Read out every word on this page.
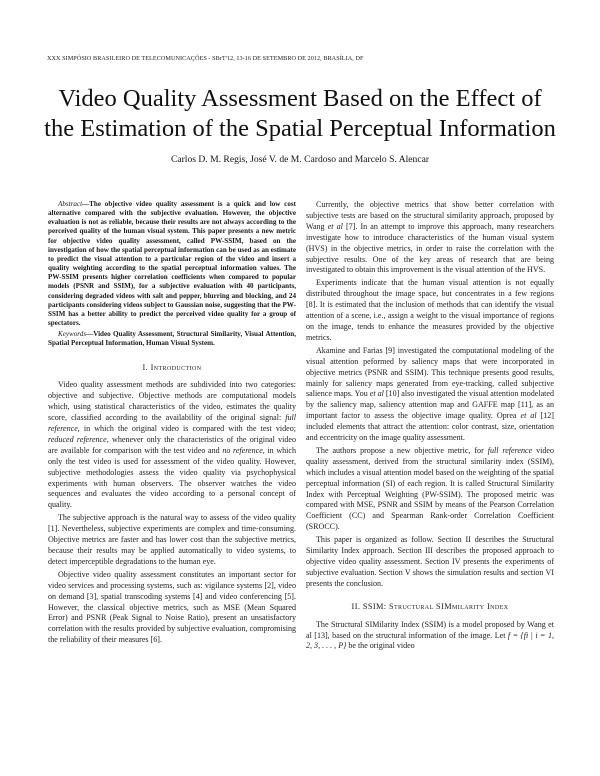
XXX SIMPÓSIO BRASILEIRO DE TELECOMUNICAÇÕES - SBrT'12, 13-16 DE SETEMBRO DE 2012, BRASÍLIA, DF
Video Quality Assessment Based on the Effect of
the Estimation of the Spatial Perceptual Information
Carlos D. M. Regis, José V. de M. Cardoso and Marcelo S. Alencar

Abstract—The objective video quality assessment is a quick and low cost alternative compared with the subjective evaluation. However, the objective evaluation is not as reliable, because their results are not always according to the perceived quality of the human visual system. This paper presents a new metric for objective video quality assessment, called PW-SSIM, based on the investigation of how the spatial perceptual information can be used as an estimate to predict the visual attention to a particular region of the video and insert a quality weighting according to the spatial perceptual information values. The PW-SSIM presents higher correlation coefficients when compared to popular models (PSNR and SSIM), for a subjective evaluation with 40 participants, considering degraded videos with salt and pepper, blurring and blocking, and 24 participants considering videos subject to Gaussian noise, suggesting that the PW-SSIM has a better ability to predict the perceived video quality for a group of spectators.

Keywords—Video Quality Assessment, Structural Similarity, Visual Attention, Spatial Perceptual Information, Human Visual System.

I. Introduction

Video quality assessment methods are subdivided into two categories: objective and subjective. Objective methods are computational models which, using statistical characteristics of the video, estimates the quality score, classified according to the availability of the original signal: full reference, in which the original video is compared with the test video; reduced reference, whenever only the characteristics of the original video are available for comparison with the test video and no reference, in which only the test video is used for assessment of the video quality. However, subjective methodologies assess the video quality via psychophysical experiments with human observers. The observer watches the video sequences and evaluates the video according to a personal concept of quality.

The subjective approach is the natural way to assess of the video quality [1]. Nevertheless, subjective experiments are complex and time-consuming. Objective metrics are faster and has lower cost than the subjective metrics, because their results may be applied automatically to video systems, to detect imperceptible degradations to the human eye.

Objective video quality assessment constitutes an important sector for video services and processing systems, such as: vigilance systems [2], video on demand [3], spatial transcoding systems [4] and video conferencing [5]. However, the classical objective metrics, such as MSE (Mean Squared Error) and PSNR (Peak Signal to Noise Ratio), present an unsatisfactory correlation with the results provided by subjective evaluation, compromising the reliability of their measures [6].

Currently, the objective metrics that show better correlation with subjective tests are based on the structural similarity approach, proposed by Wang et al [7]. In an attempt to improve this approach, many researchers investigate how to introduce characteristics of the human visual system (HVS) in the objective metrics, in order to raise the correlation with the subjective results. One of the key areas of research that are being investigated to obtain this improvement is the visual attention of the HVS.

Experiments indicate that the human visual attention is not equally distributed throughout the image space, but concentrates in a few regions [8]. It is estimated that the inclusion of methods that can identify the visual attention of a scene, i.e., assign a weight to the visual importance of regions on the image, tends to enhance the measures provided by the objective metrics.

Akamine and Farias [9] investigated the computational modeling of the visual attention peformed by saliency maps that were incorporated in objective metrics (PSNR and SSIM). This technique presents good results, mainly for saliency maps generated from eye-tracking, called subjective salience maps. You et al [10] also investigated the visual attention modelated by the saliency map, saliency attention map and GAFFE map [11], as an important factor to assess the objective image quality. Oprea et al [12] included elements that attract the attention: color contrast, size, orientation and eccentricity on the image quality assessment.

The authors propose a new objective metric, for full reference video quality assessment, derived from the structural similarity index (SSIM), which includes a visual attention model based on the weighting of the spatial perceptual information (SI) of each region. It is called Structural Similarity Index with Perceptual Weighting (PW-SSIM). The proposed metric was compared with MSE, PSNR and SSIM by means of the Pearson Correlation Coefficient (CC) and Spearman Rank-order Correlation Coefficient (SROCC).

This paper is organized as follow. Section II describes the Structural Similarity Index approach. Section III describes the proposed approach to objective video quality assessment. Section IV presents the experiments of subjective evaluation. Section V shows the simulation results and section VI presents the conclusion.

II. SSIM: Structural SIMmilarity Index

The Structural SIMilarity Index (SSIM) is a model proposed by Wang et al [13], based on the structural information of the image. Let f = {fi | i = 1, 2, 3, . . . , P} be the original video
